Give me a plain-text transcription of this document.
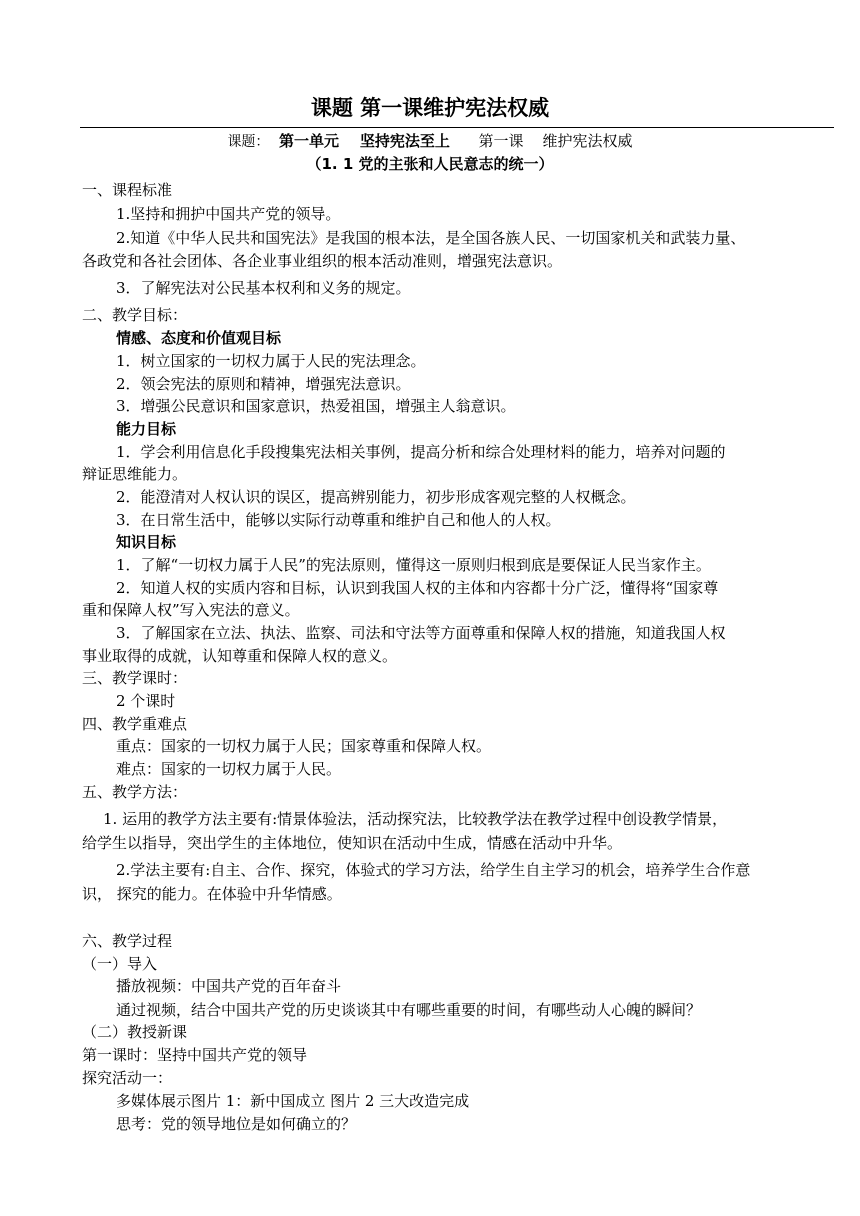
课题 第一课维护宪法权威
课题： 第一单元    坚持宪法至上 第一课    维护宪法权威
（1. 1 党的主张和人民意志的统一）
一、课程标准
1.坚持和拥护中国共产党的领导。
2.知道《中华人民共和国宪法》是我国的根本法，是全国各族人民、一切国家机关和武装力量、
各政党和各社会团体、各企业事业组织的根本活动准则，增强宪法意识。
3．了解宪法对公民基本权利和义务的规定。
二、教学目标：
情感、态度和价值观目标
1．树立国家的一切权力属于人民的宪法理念。
2．领会宪法的原则和精神，增强宪法意识。
3．增强公民意识和国家意识，热爱祖国，增强主人翁意识。
能力目标
1．学会利用信息化手段搜集宪法相关事例，提高分析和综合处理材料的能力，培养对问题的
辩证思维能力。
2．能澄清对人权认识的误区，提高辨别能力，初步形成客观完整的人权概念。
3．在日常生活中，能够以实际行动尊重和维护自己和他人的人权。
知识目标
1．了解“一切权力属于人民”的宪法原则，懂得这一原则归根到底是要保证人民当家作主。
2．知道人权的实质内容和目标，认识到我国人权的主体和内容都十分广泛，懂得将“国家尊
重和保障人权”写入宪法的意义。
3．了解国家在立法、执法、监察、司法和守法等方面尊重和保障人权的措施，知道我国人权
事业取得的成就，认知尊重和保障人权的意义。
三、教学课时：
2 个课时
四、教学重难点
重点：国家的一切权力属于人民；国家尊重和保障人权。
难点：国家的一切权力属于人民。
五、教学方法：
1. 运用的教学方法主要有:情景体验法，活动探究法，比较教学法在教学过程中创设教学情景，
给学生以指导，突出学生的主体地位，使知识在活动中生成，情感在活动中升华。
2.学法主要有:自主、合作、探究，体验式的学习方法，给学生自主学习的机会，培养学生合作意
识， 探究的能力。在体验中升华情感。
六、教学过程
（一）导入
播放视频：中国共产党的百年奋斗
通过视频，结合中国共产党的历史谈谈其中有哪些重要的时间，有哪些动人心魄的瞬间？
（二）教授新课
第一课时：坚持中国共产党的领导
探究活动一：
多媒体展示图片 1：新中国成立 图片 2 三大改造完成
思考：党的领导地位是如何确立的？
